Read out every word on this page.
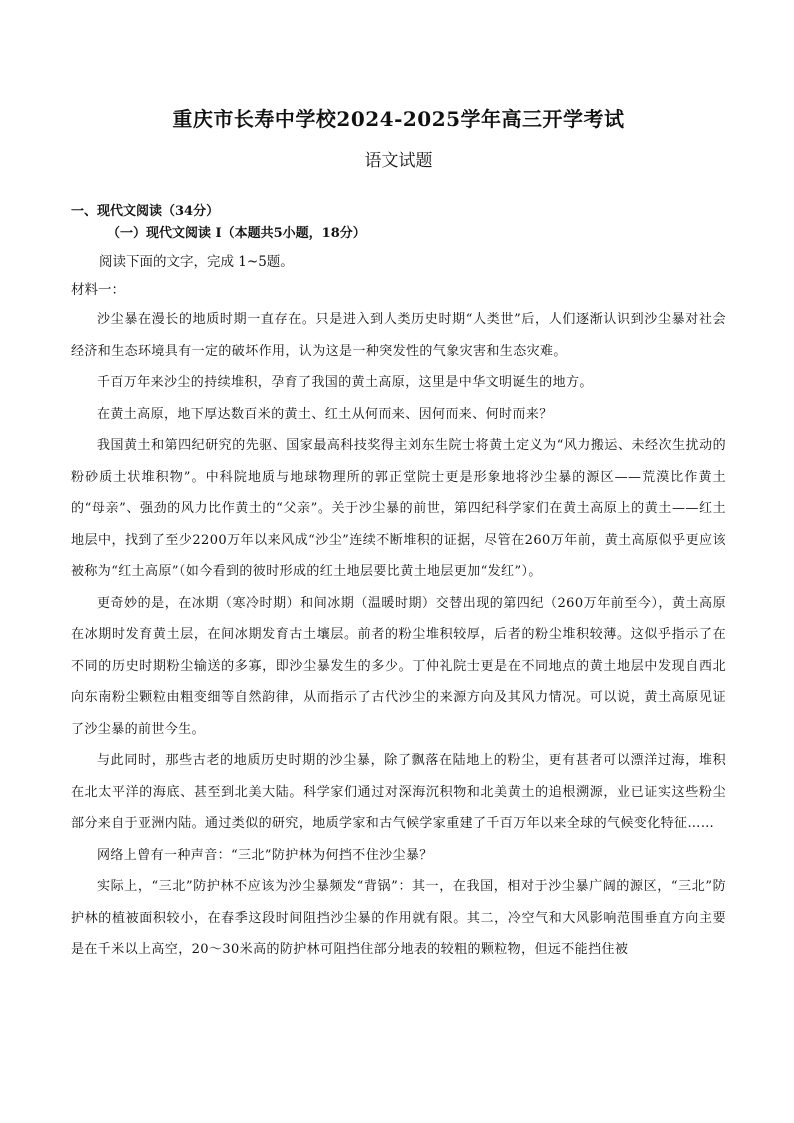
重庆市长寿中学校2024-2025学年高三开学考试
语文试题
一、现代文阅读（34分）
（一）现代文阅读 I（本题共5小题，18分）
阅读下面的文字，完成 1~5题。
材料一：

沙尘暴在漫长的地质时期一直存在。只是进入到人类历史时期“人类世”后，人们逐渐认识到沙尘暴对社会经济和生态环境具有一定的破坏作用，认为这是一种突发性的气象灾害和生态灾难。

千百万年来沙尘的持续堆积，孕育了我国的黄土高原，这里是中华文明诞生的地方。

在黄土高原，地下厚达数百米的黄土、红土从何而来、因何而来、何时而来？

我国黄土和第四纪研究的先驱、国家最高科技奖得主刘东生院士将黄土定义为“风力搬运、未经次生扰动的粉砂质土状堆积物”。中科院地质与地球物理所的郭正堂院士更是形象地将沙尘暴的源区——荒漠比作黄土的“母亲”、强劲的风力比作黄土的“父亲”。关于沙尘暴的前世，第四纪科学家们在黄土高原上的黄土——红土地层中，找到了至少2200万年以来风成“沙尘”连续不断堆积的证据，尽管在260万年前，黄土高原似乎更应该被称为“红土高原”（如今看到的彼时形成的红土地层要比黄土地层更加“发红”）。

更奇妙的是，在冰期（寒冷时期）和间冰期（温暖时期）交替出现的第四纪（260万年前至今），黄土高原在冰期时发育黄土层，在间冰期发育古土壤层。前者的粉尘堆积较厚，后者的粉尘堆积较薄。这似乎指示了在不同的历史时期粉尘输送的多寡，即沙尘暴发生的多少。丁仲礼院士更是在不同地点的黄土地层中发现自西北向东南粉尘颗粒由粗变细等自然韵律，从而指示了古代沙尘的来源方向及其风力情况。可以说，黄土高原见证了沙尘暴的前世今生。

与此同时，那些古老的地质历史时期的沙尘暴，除了飘落在陆地上的粉尘，更有甚者可以漂洋过海，堆积在北太平洋的海底、甚至到北美大陆。科学家们通过对深海沉积物和北美黄土的追根溯源，业已证实这些粉尘部分来自于亚洲内陆。通过类似的研究，地质学家和古气候学家重建了千百万年以来全球的气候变化特征……

网络上曾有一种声音：“三北”防护林为何挡不住沙尘暴？

实际上，“三北”防护林不应该为沙尘暴频发“背锅”：其一，在我国，相对于沙尘暴广阔的源区，“三北”防护林的植被面积较小，在春季这段时间阻挡沙尘暴的作用就有限。其二，冷空气和大风影响范围垂直方向主要是在千米以上高空，20～30米高的防护林可阻挡住部分地表的较粗的颗粒物，但远不能挡住被
